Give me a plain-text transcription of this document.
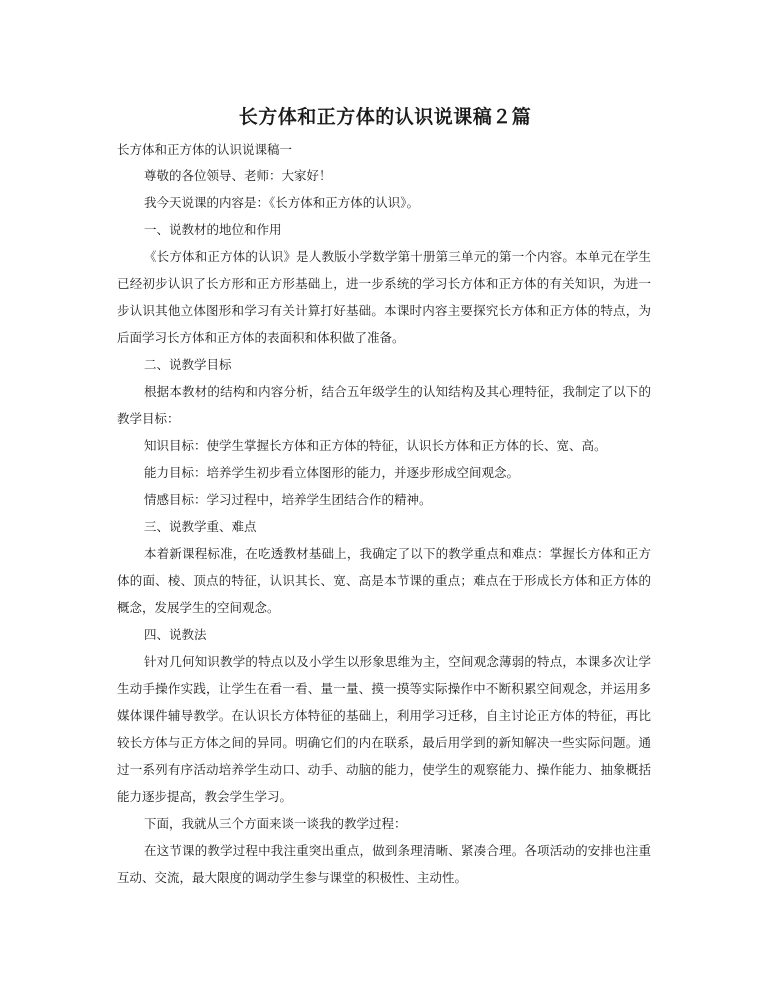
长方体和正方体的认识说课稿２篇
长方体和正方体的认识说课稿一
尊敬的各位领导、老师：大家好！
我今天说课的内容是：《长方体和正方体的认识》。
一、说教材的地位和作用
《长方体和正方体的认识》是人教版小学数学第十册第三单元的第一个内容。本单元在学生已经初步认识了长方形和正方形基础上，进一步系统的学习长方体和正方体的有关知识，为进一步认识其他立体图形和学习有关计算打好基础。本课时内容主要探究长方体和正方体的特点，为后面学习长方体和正方体的表面积和体积做了准备。
二、说教学目标
根据本教材的结构和内容分析，结合五年级学生的认知结构及其心理特征，我制定了以下的教学目标：
知识目标：使学生掌握长方体和正方体的特征，认识长方体和正方体的长、宽、高。
能力目标：培养学生初步看立体图形的能力，并逐步形成空间观念。
情感目标：学习过程中，培养学生团结合作的精神。
三、说教学重、难点
本着新课程标准，在吃透教材基础上，我确定了以下的教学重点和难点：掌握长方体和正方体的面、棱、顶点的特征，认识其长、宽、高是本节课的重点；难点在于形成长方体和正方体的概念，发展学生的空间观念。
四、说教法
针对几何知识教学的特点以及小学生以形象思维为主，空间观念薄弱的特点，本课多次让学生动手操作实践，让学生在看一看、量一量、摸一摸等实际操作中不断积累空间观念，并运用多媒体课件辅导教学。在认识长方体特征的基础上，利用学习迁移，自主讨论正方体的特征，再比较长方体与正方体之间的异同。明确它们的内在联系，最后用学到的新知解决一些实际问题。通过一系列有序活动培养学生动口、动手、动脑的能力，使学生的观察能力、操作能力、抽象概括能力逐步提高，教会学生学习。
下面，我就从三个方面来谈一谈我的教学过程：
在这节课的教学过程中我注重突出重点，做到条理清晰、紧凑合理。各项活动的安排也注重互动、交流，最大限度的调动学生参与课堂的积极性、主动性。
